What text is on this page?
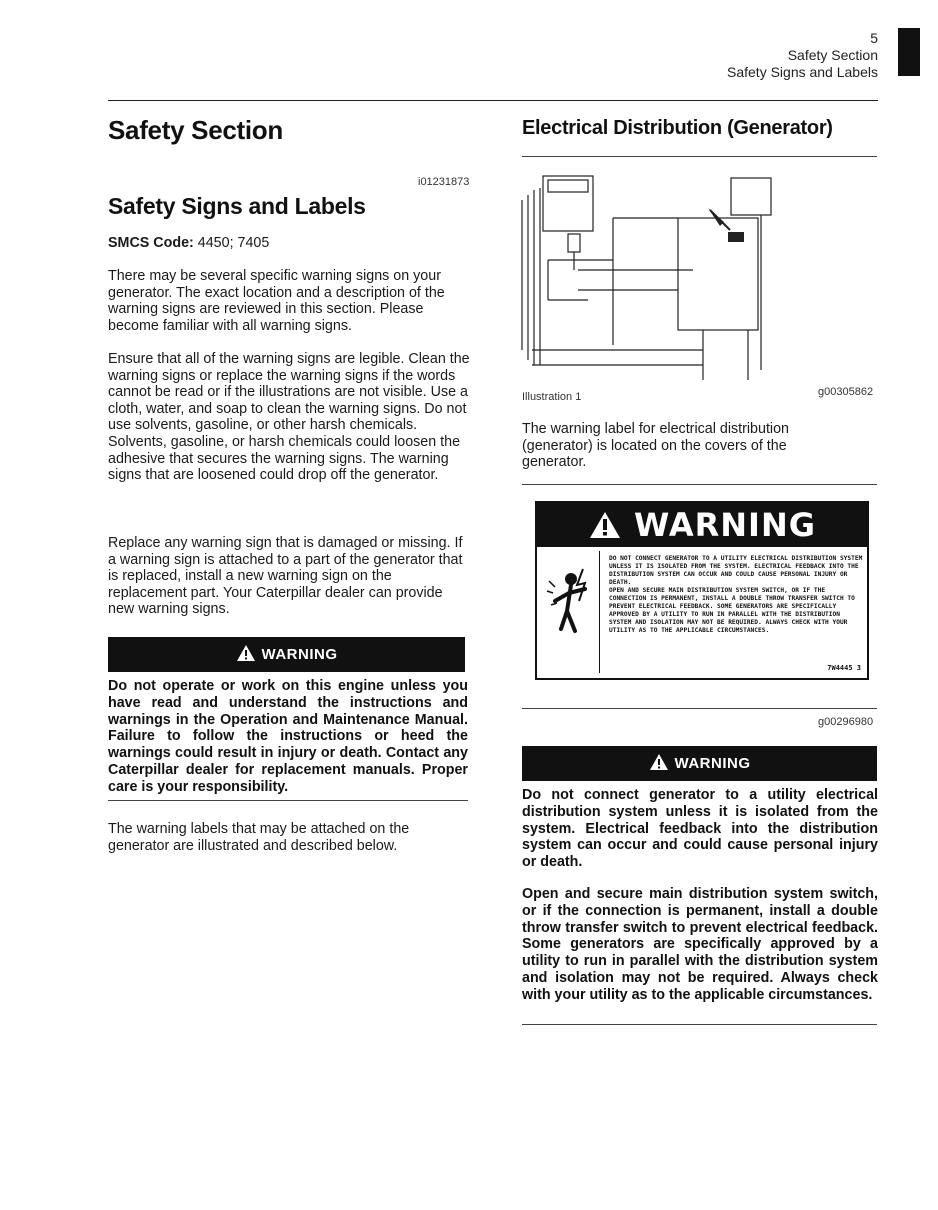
5
Safety Section
Safety Signs and Labels
Safety Section
i01231873
Safety Signs and Labels
SMCS Code: 4450; 7405

There may be several specific warning signs on your generator. The exact location and a description of the warning signs are reviewed in this section. Please become familiar with all warning signs.

Ensure that all of the warning signs are legible. Clean the warning signs or replace the warning signs if the words cannot be read or if the illustrations are not visible. Use a cloth, water, and soap to clean the warning signs. Do not use solvents, gasoline, or other harsh chemicals. Solvents, gasoline, or harsh chemicals could loosen the adhesive that secures the warning signs. The warning signs that are loosened could drop off the generator.

Replace any warning sign that is damaged or missing. If a warning sign is attached to a part of the generator that is replaced, install a new warning sign on the replacement part. Your Caterpillar dealer can provide new warning signs.

WARNING

Do not operate or work on this engine unless you have read and understand the instructions and warnings in the Operation and Maintenance Manual. Failure to follow the instructions or heed the warnings could result in injury or death. Contact any Caterpillar dealer for replacement manuals. Proper care is your responsibility.

The warning labels that may be attached on the generator are illustrated and described below.

Electrical Distribution (Generator)
Illustration 1	g00305862

The warning label for electrical distribution (generator) is located on the covers of the generator.

WARNING
DO NOT CONNECT GENERATOR TO A UTILITY ELECTRICAL DISTRIBUTION SYSTEM UNLESS IT IS ISOLATED FROM THE SYSTEM. ELECTRICAL FEEDBACK INTO THE DISTRIBUTION SYSTEM CAN OCCUR AND COULD CAUSE PERSONAL INJURY OR DEATH.
OPEN AND SECURE MAIN DISTRIBUTION SYSTEM SWITCH, OR IF THE CONNECTION IS PERMANENT, INSTALL A DOUBLE THROW TRANSFER SWITCH TO PREVENT ELECTRICAL FEEDBACK. SOME GENERATORS ARE SPECIFICALLY APPROVED BY A UTILITY TO RUN IN PARALLEL WITH THE DISTRIBUTION SYSTEM AND ISOLATION MAY NOT BE REQUIRED. ALWAYS CHECK WITH YOUR UTILITY AS TO THE APPLICABLE CIRCUMSTANCES.
7W4445 3
g00296980
WARNING

Do not connect generator to a utility electrical distribution system unless it is isolated from the system. Electrical feedback into the distribution system can occur and could cause personal injury or death.

Open and secure main distribution system switch, or if the connection is permanent, install a double throw transfer switch to prevent electrical feedback. Some generators are specifically approved by a utility to run in parallel with the distribution system and isolation may not be required. Always check with your utility as to the applicable circumstances.
